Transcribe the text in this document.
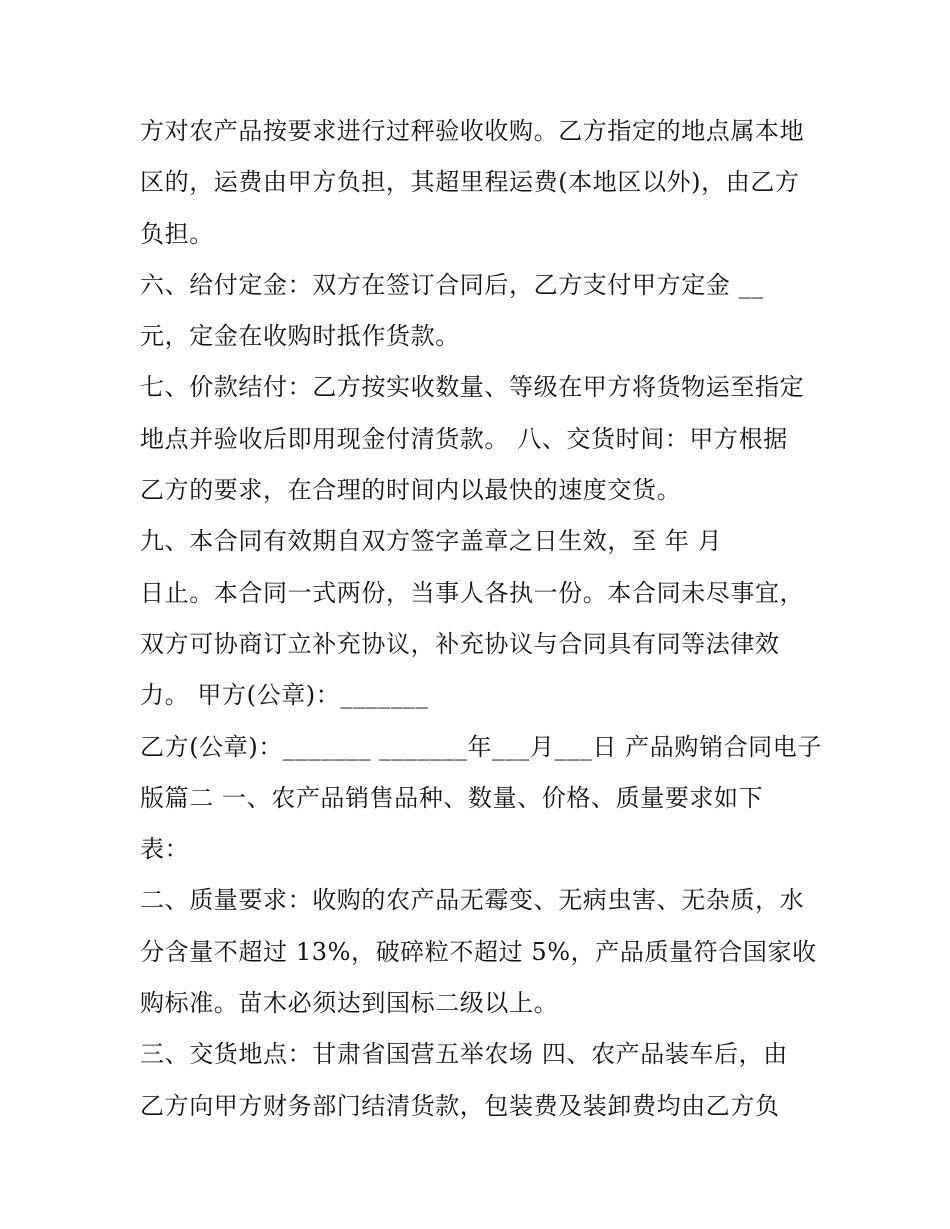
方对农产品按要求进行过秤验收收购。乙方指定的地点属本地
区的，运费由甲方负担，其超里程运费(本地区以外)，由乙方
负担。
六、给付定金：双方在签订合同后，乙方支付甲方定金 __
元，定金在收购时抵作货款。
七、价款结付：乙方按实收数量、等级在甲方将货物运至指定
地点并验收后即用现金付清货款。 八、交货时间：甲方根据
乙方的要求，在合理的时间内以最快的速度交货。
九、本合同有效期自双方签字盖章之日生效，至 年 月
日止。本合同一式两份，当事人各执一份。本合同未尽事宜，
双方可协商订立补充协议，补充协议与合同具有同等法律效
力。 甲方(公章)：_______
乙方(公章)：_______ _______年___月___日 产品购销合同电子
版篇二 一、农产品销售品种、数量、价格、质量要求如下
表：
二、质量要求：收购的农产品无霉变、无病虫害、无杂质，水
分含量不超过 13%，破碎粒不超过 5%，产品质量符合国家收
购标准。苗木必须达到国标二级以上。
三、交货地点：甘肃省国营五举农场 四、农产品装车后，由
乙方向甲方财务部门结清货款，包装费及装卸费均由乙方负
